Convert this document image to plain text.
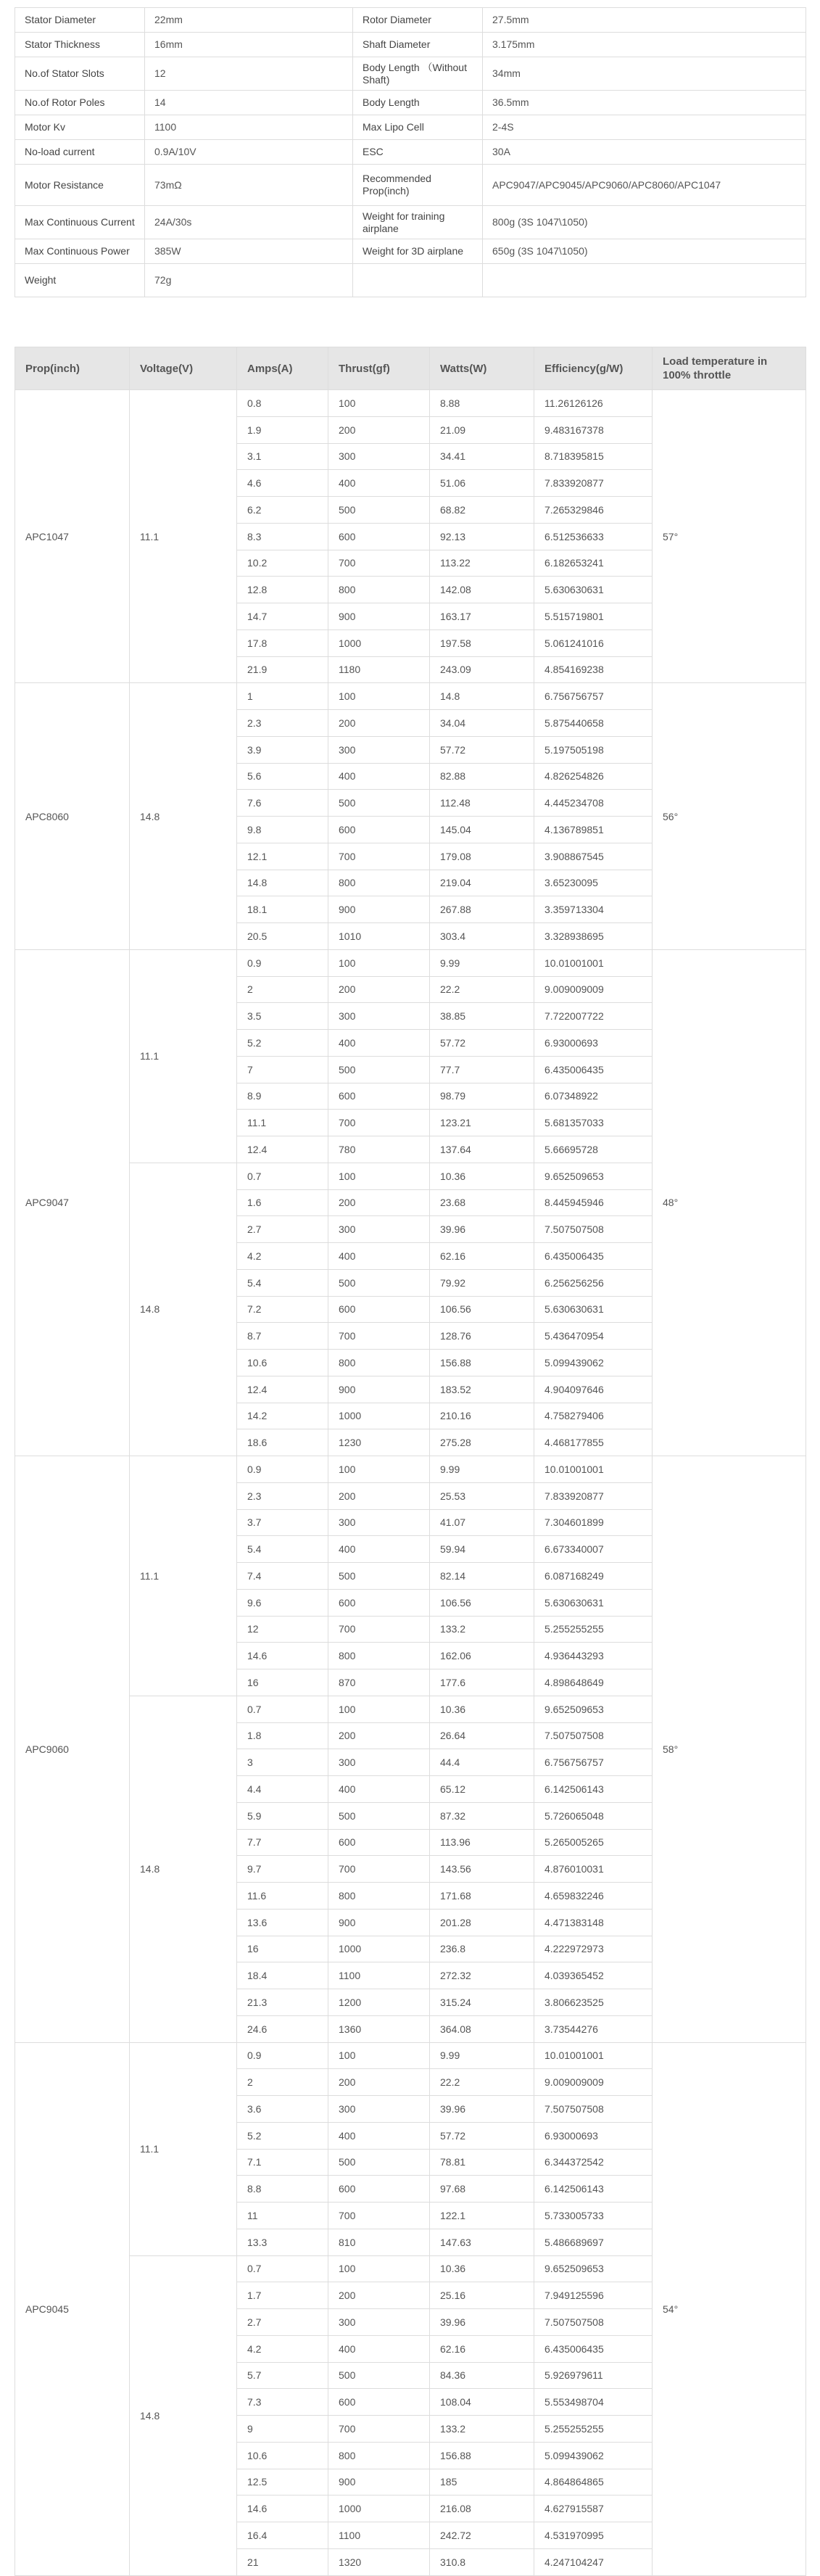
Stator Diameter	22mm	Rotor Diameter	27.5mm
Stator Thickness	16mm	Shaft Diameter	3.175mm
No.of Stator Slots	12	Body Length （Without Shaft)	34mm
No.of Rotor Poles	14	Body Length	36.5mm
Motor Kv	1100	Max Lipo Cell	2-4S
No-load current	0.9A/10V	ESC	30A
Motor Resistance	73mΩ	Recommended Prop(inch)	APC9047/APC9045/APC9060/APC8060/APC1047
Max Continuous Current	24A/30s	Weight for training airplane	800g (3S 1047\1050)
Max Continuous Power	385W	Weight for 3D airplane	650g (3S 1047\1050)
Weight	72g		
Prop(inch)	Voltage(V)	Amps(A)	Thrust(gf)	Watts(W)	Efficiency(g/W)	Load temperature in 100% throttle
APC1047	11.1	0.8	100	8.88	11.26126126	57°
		1.9	200	21.09	9.483167378	
		3.1	300	34.41	8.718395815	
		4.6	400	51.06	7.833920877	
		6.2	500	68.82	7.265329846	
		8.3	600	92.13	6.512536633	
		10.2	700	113.22	6.182653241	
		12.8	800	142.08	5.630630631	
		14.7	900	163.17	5.515719801	
		17.8	1000	197.58	5.061241016	
		21.9	1180	243.09	4.854169238	
APC8060	14.8	1	100	14.8	6.756756757	56°
		2.3	200	34.04	5.875440658	
		3.9	300	57.72	5.197505198	
		5.6	400	82.88	4.826254826	
		7.6	500	112.48	4.445234708	
		9.8	600	145.04	4.136789851	
		12.1	700	179.08	3.908867545	
		14.8	800	219.04	3.65230095	
		18.1	900	267.88	3.359713304	
		20.5	1010	303.4	3.328938695	
APC9047	11.1	0.9	100	9.99	10.01001001	48°
		2	200	22.2	9.009009009	
		3.5	300	38.85	7.722007722	
		5.2	400	57.72	6.93000693	
		7	500	77.7	6.435006435	
		8.9	600	98.79	6.07348922	
		11.1	700	123.21	5.681357033	
		12.4	780	137.64	5.66695728	
	14.8	0.7	100	10.36	9.652509653	
		1.6	200	23.68	8.445945946	
		2.7	300	39.96	7.507507508	
		4.2	400	62.16	6.435006435	
		5.4	500	79.92	6.256256256	
		7.2	600	106.56	5.630630631	
		8.7	700	128.76	5.436470954	
		10.6	800	156.88	5.099439062	
		12.4	900	183.52	4.904097646	
		14.2	1000	210.16	4.758279406	
		18.6	1230	275.28	4.468177855	
APC9060	11.1	0.9	100	9.99	10.01001001	58°
		2.3	200	25.53	7.833920877	
		3.7	300	41.07	7.304601899	
		5.4	400	59.94	6.673340007	
		7.4	500	82.14	6.087168249	
		9.6	600	106.56	5.630630631	
		12	700	133.2	5.255255255	
		14.6	800	162.06	4.936443293	
		16	870	177.6	4.898648649	
	14.8	0.7	100	10.36	9.652509653	
		1.8	200	26.64	7.507507508	
		3	300	44.4	6.756756757	
		4.4	400	65.12	6.142506143	
		5.9	500	87.32	5.726065048	
		7.7	600	113.96	5.265005265	
		9.7	700	143.56	4.876010031	
		11.6	800	171.68	4.659832246	
		13.6	900	201.28	4.471383148	
		16	1000	236.8	4.222972973	
		18.4	1100	272.32	4.039365452	
		21.3	1200	315.24	3.806623525	
		24.6	1360	364.08	3.73544276	
APC9045	11.1	0.9	100	9.99	10.01001001	54°
		2	200	22.2	9.009009009	
		3.6	300	39.96	7.507507508	
		5.2	400	57.72	6.93000693	
		7.1	500	78.81	6.344372542	
		8.8	600	97.68	6.142506143	
		11	700	122.1	5.733005733	
		13.3	810	147.63	5.486689697	
	14.8	0.7	100	10.36	9.652509653	
		1.7	200	25.16	7.949125596	
		2.7	300	39.96	7.507507508	
		4.2	400	62.16	6.435006435	
		5.7	500	84.36	5.926979611	
		7.3	600	108.04	5.553498704	
		9	700	133.2	5.255255255	
		10.6	800	156.88	5.099439062	
		12.5	900	185	4.864864865	
		14.6	1000	216.08	4.627915587	
		16.4	1100	242.72	4.531970995	
		21	1320	310.8	4.247104247	
